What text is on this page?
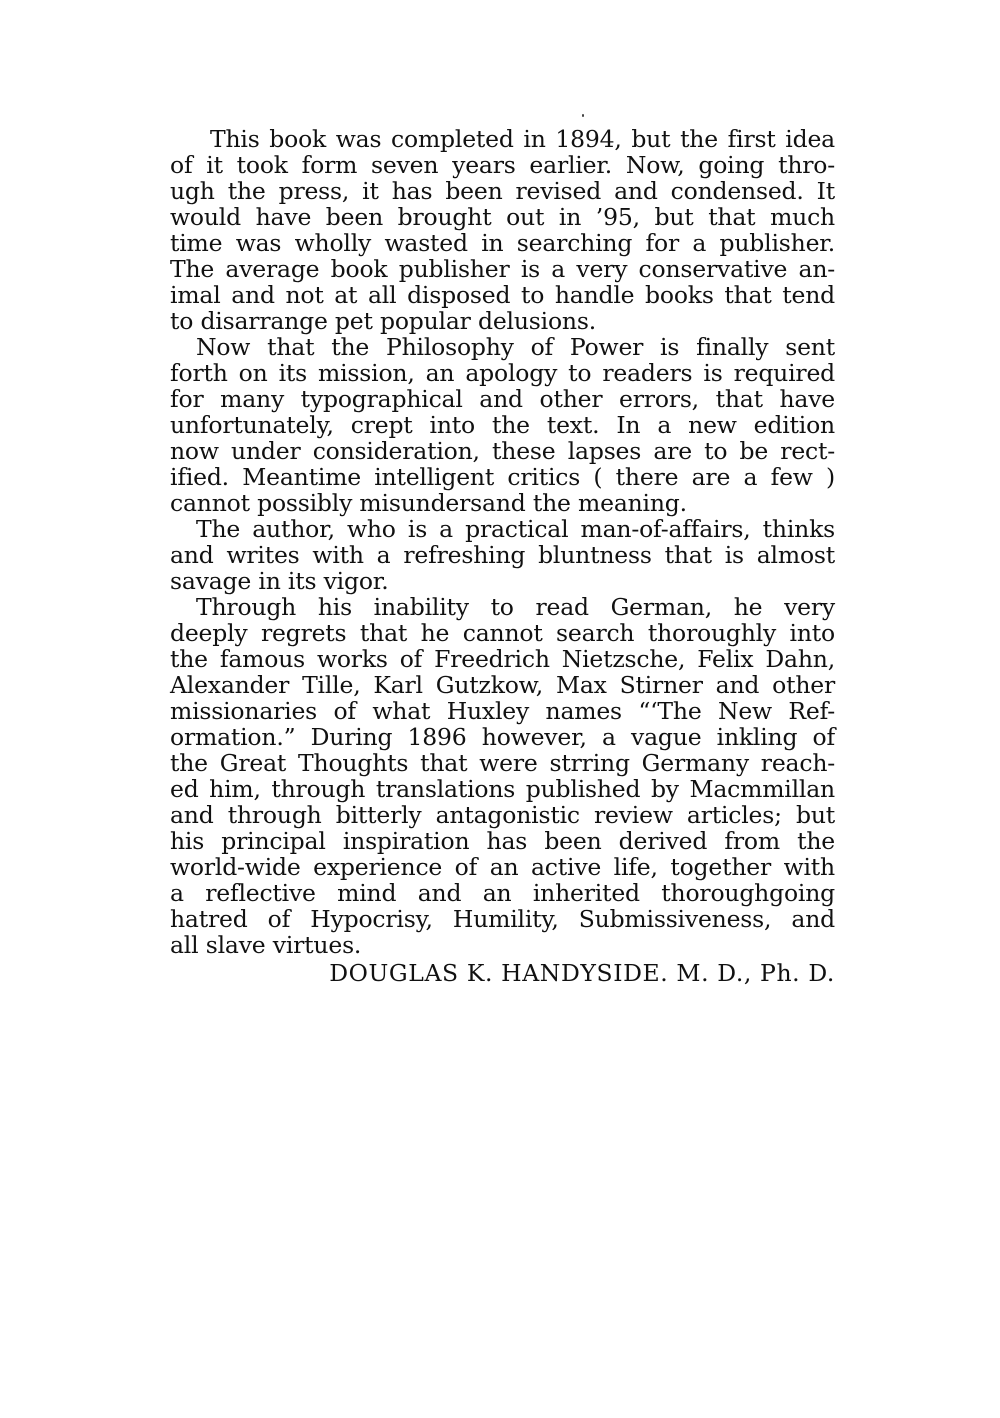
This book was completed in 1894, but the first idea
of it took form seven years earlier. Now, going thro-
ugh the press, it has been revised and condensed. It
would have been brought out in ’95, but that much
time was wholly wasted in searching for a publisher.
The average book publisher is a very conservative an-
imal and not at all disposed to handle books that tend
to disarrange pet popular delusions.
Now that the Philosophy of Power is finally sent
forth on its mission, an apology to readers is required
for many typographical and other errors, that have
unfortunately, crept into the text. In a new edition
now under consideration, these lapses are to be rect-
ified. Meantime intelligent critics ( there are a few )
cannot possibly misundersand the meaning.
The author, who is a practical man-of-affairs, thinks
and writes with a refreshing bluntness that is almost
savage in its vigor.
Through his inability to read German, he very
deeply regrets that he cannot search thoroughly into
the famous works of Freedrich Nietzsche, Felix Dahn,
Alexander Tille, Karl Gutzkow, Max Stirner and other
missionaries of what Huxley names “‘The New Ref-
ormation.” During 1896 however, a vague inkling of
the Great Thoughts that were strring Germany reach-
ed him, through translations published by Macmmillan
and through bitterly antagonistic review articles; but
his principal inspiration has been derived from the
world-wide experience of an active life, together with
a reflective mind and an inherited thoroughgoing
hatred of Hypocrisy, Humility, Submissiveness, and
all slave virtues.
DOUGLAS K. HANDYSIDE. M. D., Ph. D.
